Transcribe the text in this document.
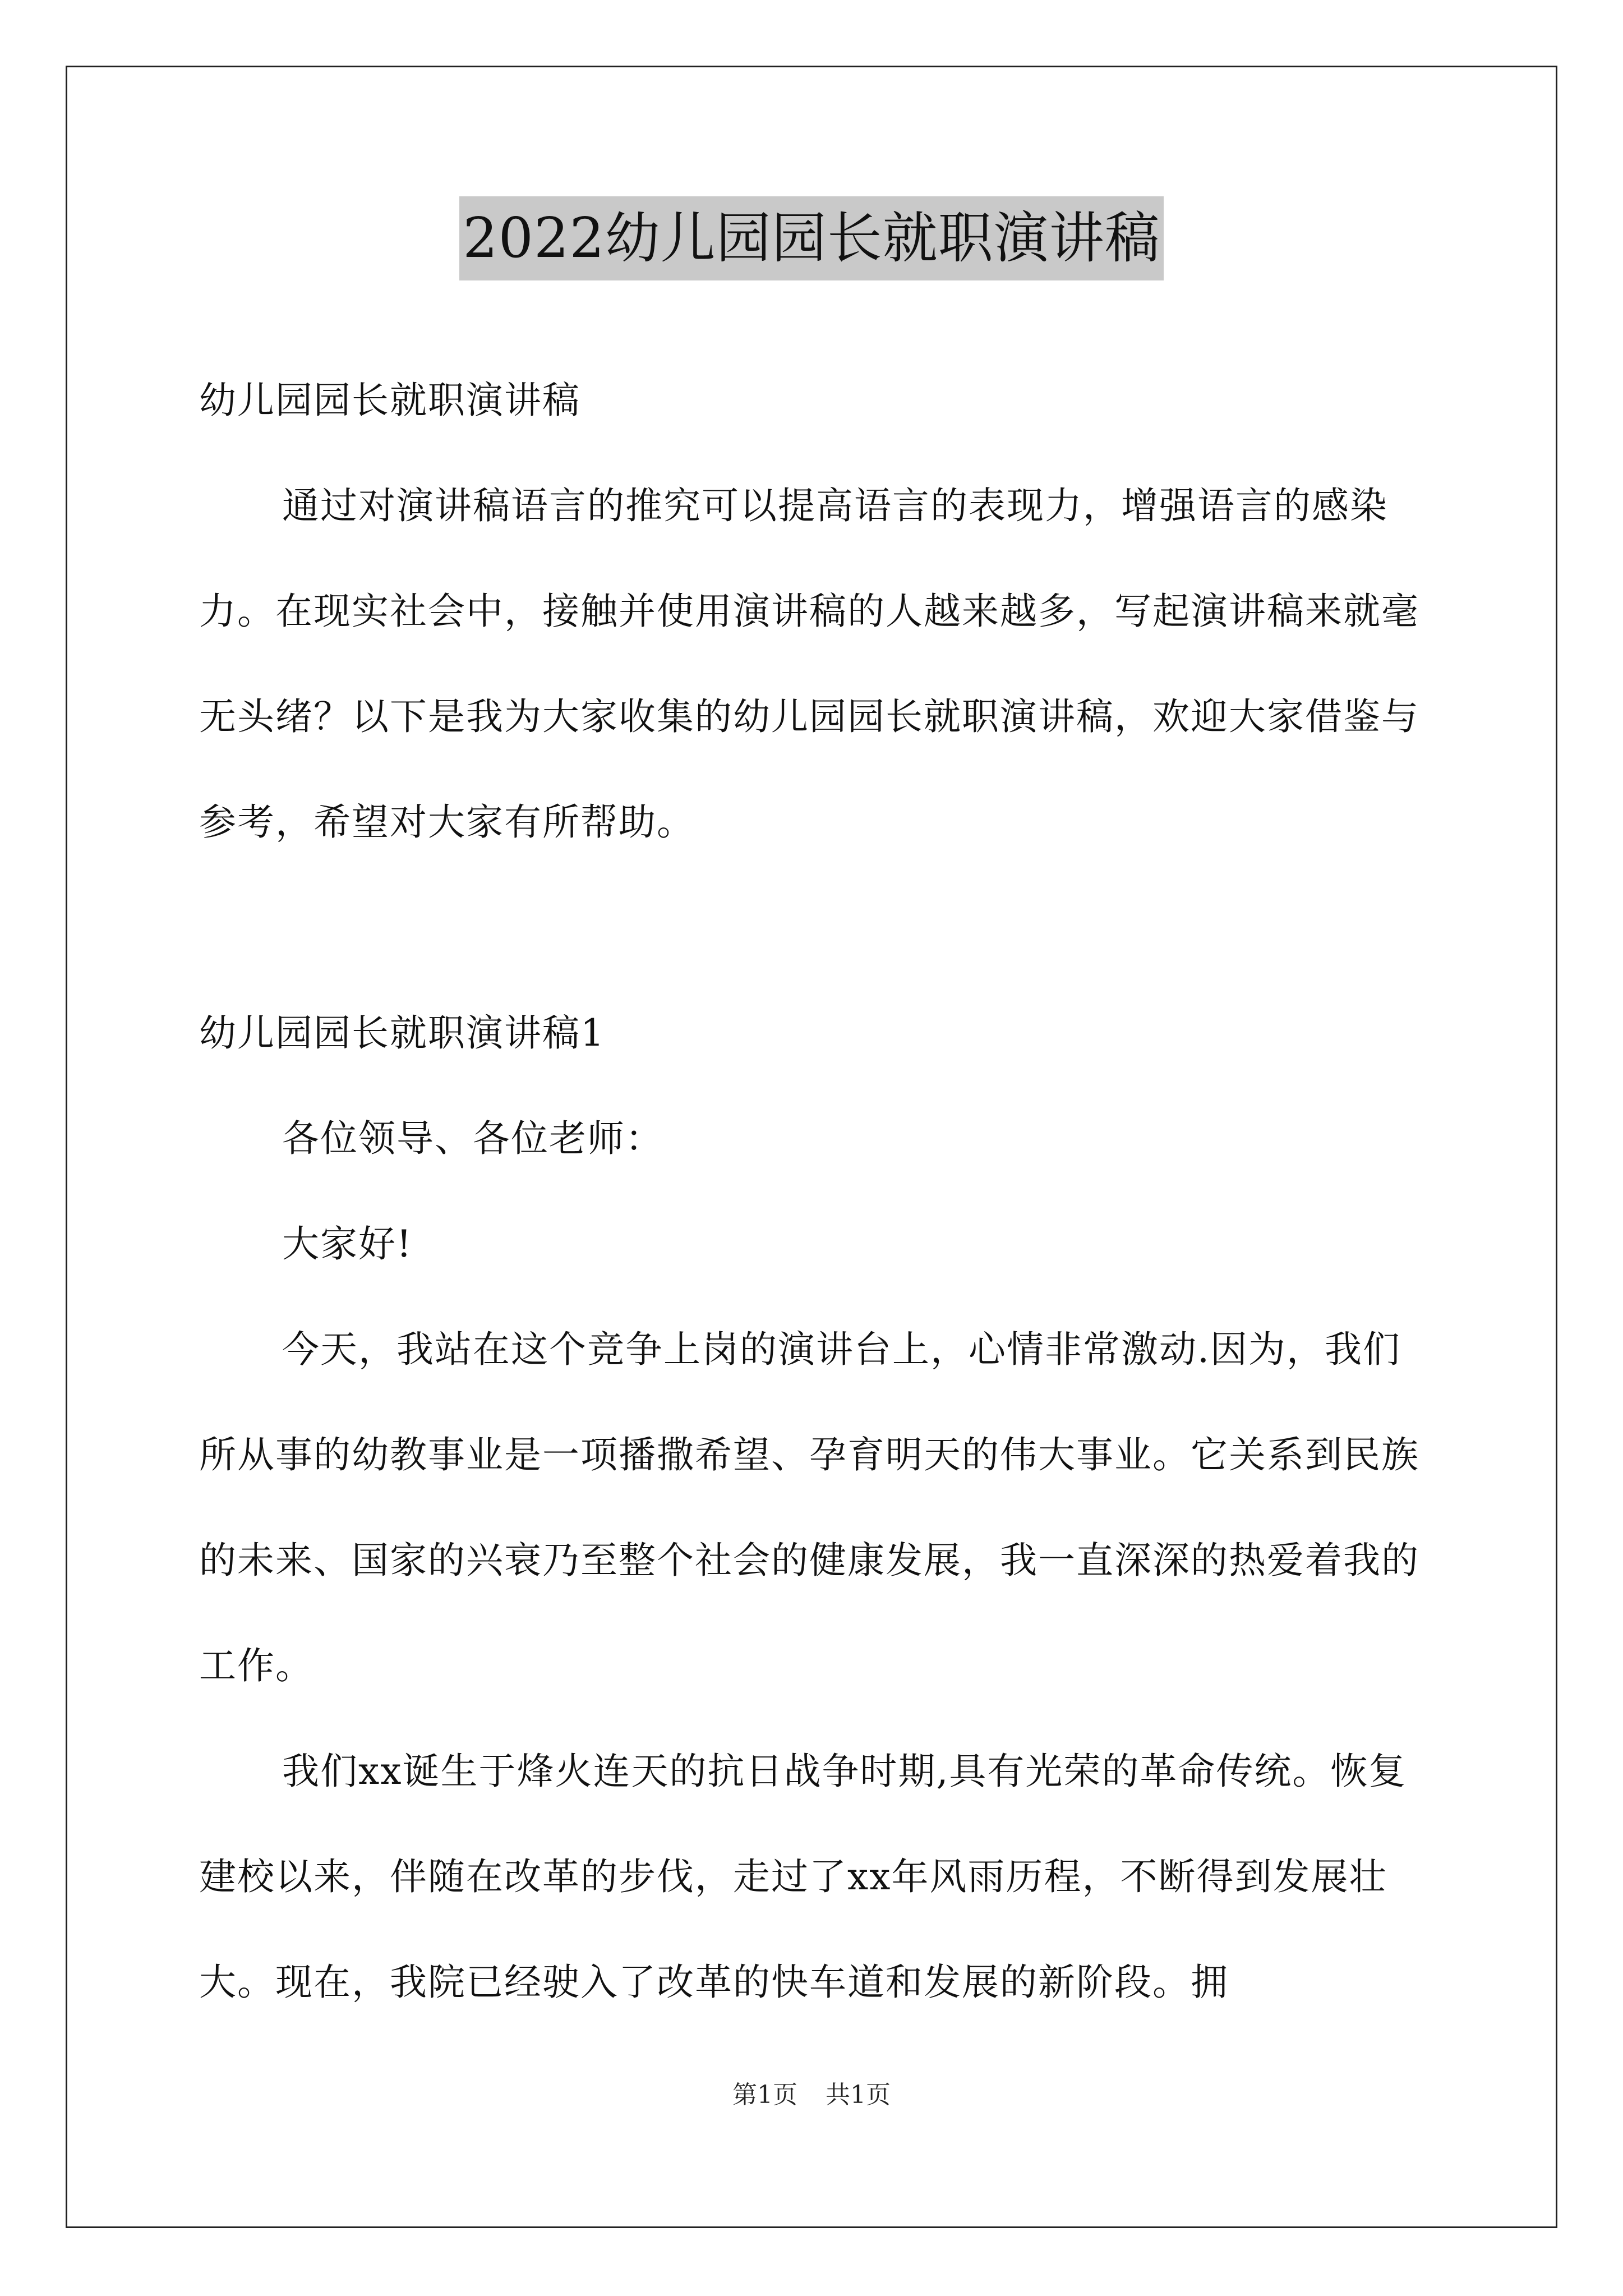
2022幼儿园园长就职演讲稿

幼儿园园长就职演讲稿

通过对演讲稿语言的推究可以提高语言的表现力，增强语言的感染力。在现实社会中，接触并使用演讲稿的人越来越多，写起演讲稿来就毫无头绪？以下是我为大家收集的幼儿园园长就职演讲稿，欢迎大家借鉴与参考，希望对大家有所帮助。

幼儿园园长就职演讲稿1

各位领导、各位老师：

大家好!

今天，我站在这个竞争上岗的演讲台上，心情非常激动.因为，我们所从事的幼教事业是一项播撒希望、孕育明天的伟大事业。它关系到民族的未来、国家的兴衰乃至整个社会的健康发展，我一直深深的热爱着我的工作。

我们xx诞生于烽火连天的抗日战争时期,具有光荣的革命传统。恢复建校以来，伴随在改革的步伐，走过了xx年风雨历程，不断得到发展壮大。现在，我院已经驶入了改革的快车道和发展的新阶段。拥

第1页 共1页
